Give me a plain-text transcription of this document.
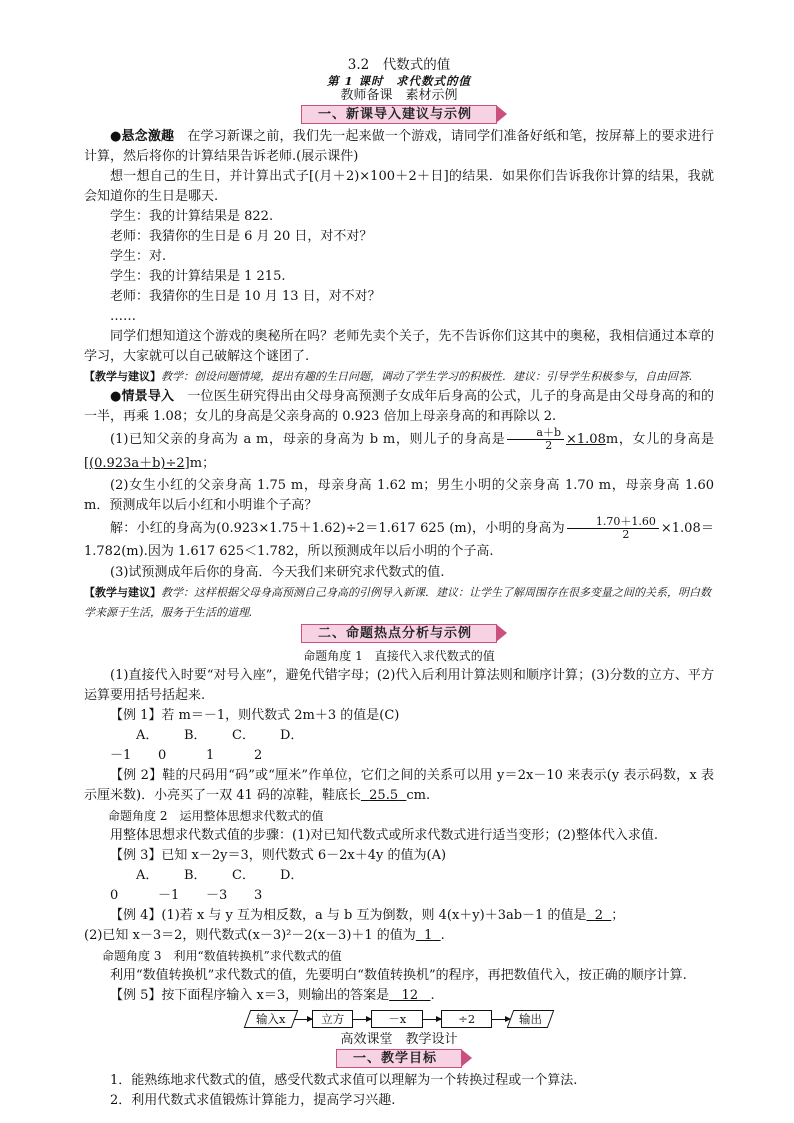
3.2　代数式的值
第 1 课时　求代数式的值
教师备课　素材示例
一、新课导入建议与示例

●悬念激趣　在学习新课之前，我们先一起来做一个游戏，请同学们准备好纸和笔，按屏幕上的要求进行计算，然后将你的计算结果告诉老师.(展示课件)

想一想自己的生日，并计算出式子[(月＋2)×100＋2＋日]的结果．如果你们告诉我你计算的结果，我就会知道你的生日是哪天.

学生：我的计算结果是 822.

老师：我猜你的生日是 6 月 20 日，对不对？

学生：对.

学生：我的计算结果是 1 215.

老师：我猜你的生日是 10 月 13 日，对不对？

……

同学们想知道这个游戏的奥秘所在吗？老师先卖个关子，先不告诉你们这其中的奥秘，我相信通过本章的学习，大家就可以自己破解这个谜团了.

【教学与建议】教学：创设问题情境，提出有趣的生日问题，调动了学生学习的积极性．建议：引导学生积极参与，自由回答.

●情景导入　一位医生研究得出由父母身高预测子女成年后身高的公式，儿子的身高是由父母身高的和的一半，再乘 1.08；女儿的身高是父亲身高的 0.923 倍加上母亲身高的和再除以 2.

(1)已知父亲的身高为 a m，母亲的身高为 b m，则儿子的身高是 $\frac{a+b}{2} \times 1.08m$，女儿的身高是[(0.923a＋b)÷2]m；

(2)女生小红的父亲身高 1.75 m，母亲身高 1.62 m；男生小明的父亲身高 1.70 m，母亲身高 1.60 m．预测成年以后小红和小明谁个子高？

解：小红的身高为(0.923×1.75＋1.62)÷2＝1.617 625 (m)，小明的身高为 $\frac{1.70+1.60}{2} \times 1.08=1.782(m)$.因为 1.617 625＜1.782，所以预测成年以后小明的个子高.

(3)试预测成年后你的身高．今天我们来研究求代数式的值.

【教学与建议】教学：这样根据父母身高预测自己身高的引例导入新课．建议：让学生了解周围存在很多变量之间的关系，明白数学来源于生活，服务于生活的道理.

二、命题热点分析与示例
命题角度 1　直接代入求代数式的值

(1)直接代入时要“对号入座”，避免代错字母；(2)代入后利用计算法则和顺序计算；(3)分数的立方、平方运算要用括号括起来.

【例 1】若 m＝－1，则代数式 2m＋3 的值是(C)

A．－1B．0C．1D．2

【例 2】鞋的尺码用“码”或“厘米”作单位，它们之间的关系可以用 y＝2x－10 来表示(y 表示码数，x 表示厘米数)．小亮买了一双 41 码的凉鞋，鞋底长 25.5 cm.

命题角度 2　运用整体思想求代数式的值

用整体思想求代数式值的步骤：(1)对已知代数式或所求代数式进行适当变形；(2)整体代入求值.

【例 3】已知 x－2y＝3，则代数式 6－2x＋4y 的值为(A)

A．0B．－1C．－3D．3

【例 4】(1)若 x 与 y 互为相反数，a 与 b 互为倒数，则 4(x＋y)＋3ab－1 的值是 2 ；

(2)已知 x－3＝2，则代数式(x－3)²－2(x－3)＋1 的值为 1 .

命题角度 3　利用“数值转换机”求代数式的值

利用“数值转换机”求代数式的值，先要明白“数值转换机”的程序，再把数值代入，按正确的顺序计算.

【例 5】按下面程序输入 x＝3，则输出的答案是 12 .

输入x	立方	－x	÷2	输出
高效课堂　教学设计
一、教学目标

1．能熟练地求代数式的值，感受代数式求值可以理解为一个转换过程或一个算法.

2．利用代数式求值锻炼计算能力，提高学习兴趣.
